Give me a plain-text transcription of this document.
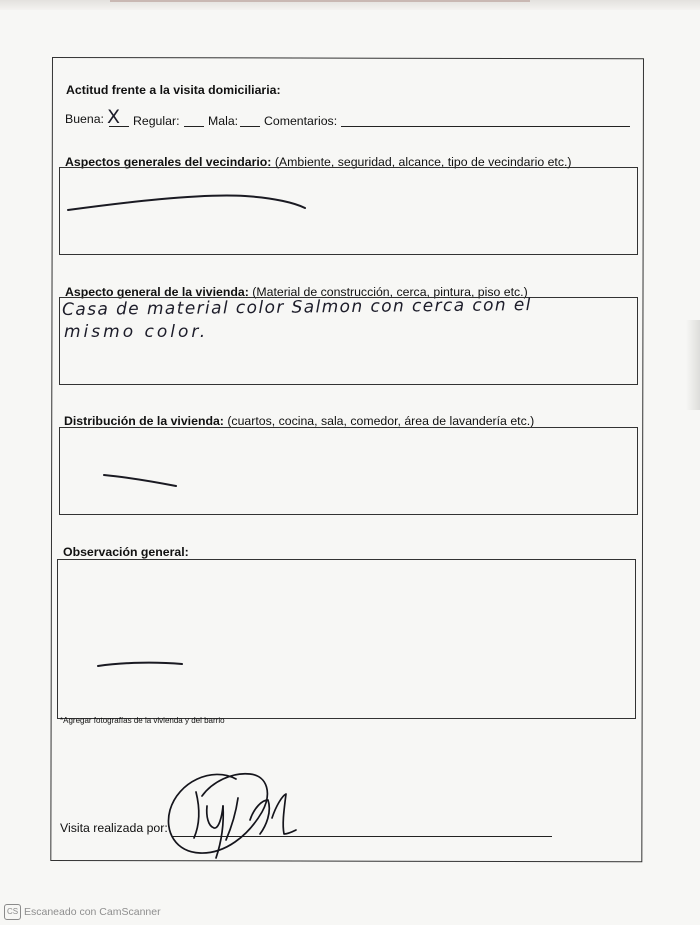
Actitud frente a la visita domiciliaria:
Buena: X Regular: Mala: Comentarios:
Aspectos generales del vecindario: (Ambiente, seguridad, alcance, tipo de vecindario etc.)
Aspecto general de la vivienda: (Material de construcción, cerca, pintura, piso etc.)
Casa de material color Salmon con cerca con el
mismo color.
Distribución de la vivienda: (cuartos, cocina, sala, comedor, área de lavandería etc.)
Observación general:
*Agregar fotografías de la vivienda y del barrio
Visita realizada por:
CS Escaneado con CamScanner
